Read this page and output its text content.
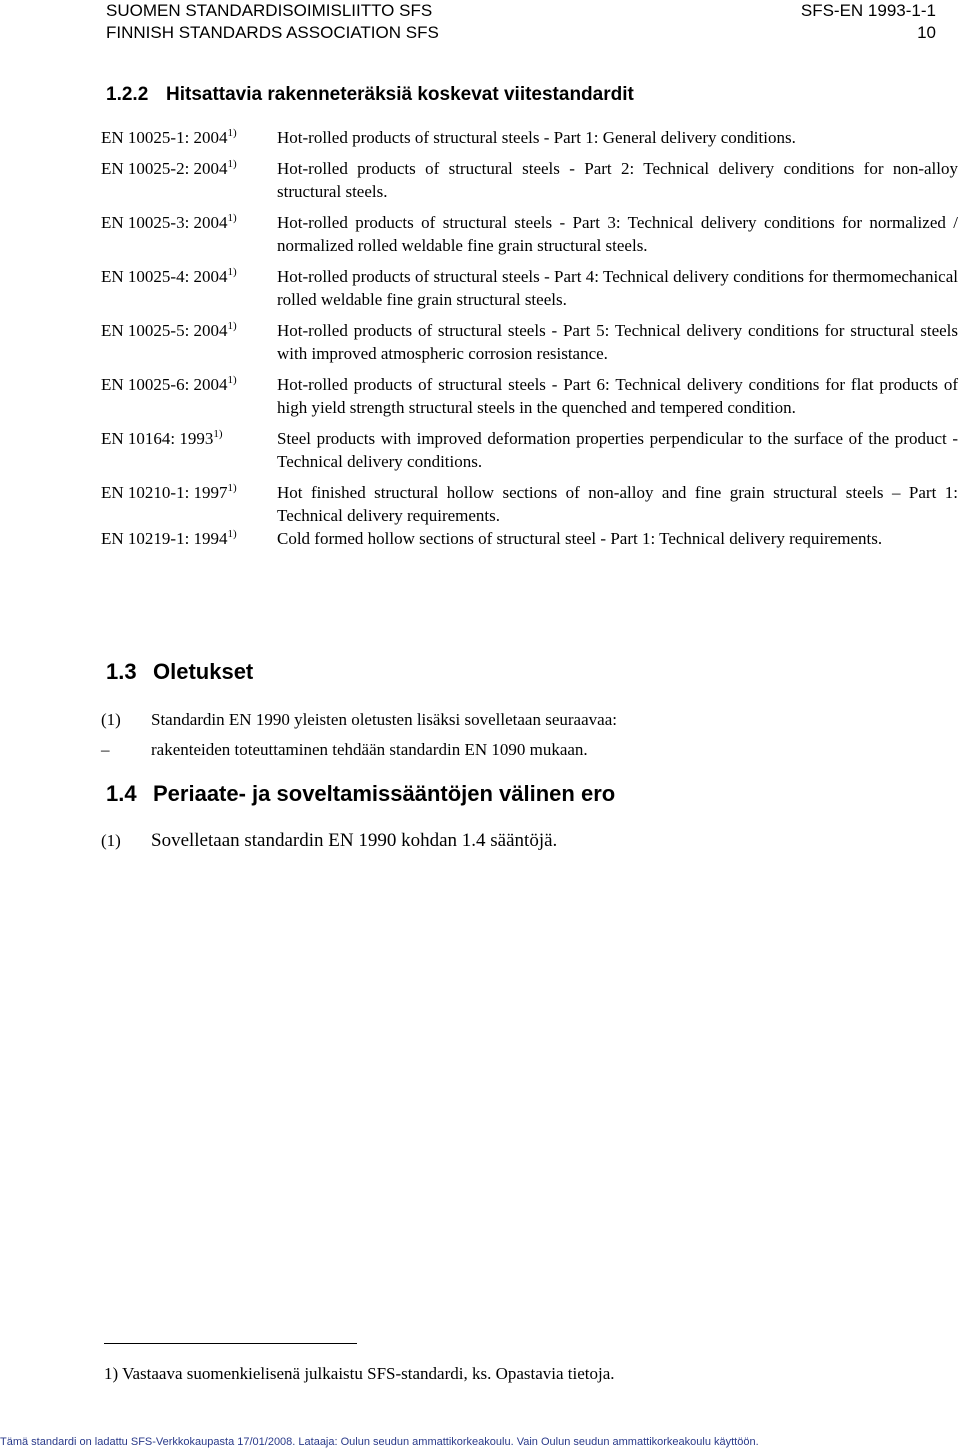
SUOMEN STANDARDISOIMISLIITTO SFS	SFS-EN 1993-1-1
FINNISH STANDARDS ASSOCIATION SFS	10
1.2.2 Hitsattavia rakenneteräksiä koskevat viitestandardit
EN 10025-1: 2004$^{1)}$	Hot-rolled products of structural steels - Part 1: General delivery conditions.
EN 10025-2: 2004$^{1)}$	Hot-rolled products of structural steels - Part 2: Technical delivery conditions for non-alloy structural steels.
EN 10025-3: 2004$^{1)}$	Hot-rolled products of structural steels - Part 3: Technical delivery conditions for normalized / normalized rolled weldable fine grain structural steels.
EN 10025-4: 2004$^{1)}$	Hot-rolled products of structural steels - Part 4: Technical delivery conditions for thermomechanical rolled weldable fine grain structural steels.
EN 10025-5: 2004$^{1)}$	Hot-rolled products of structural steels - Part 5: Technical delivery conditions for structural steels with improved atmospheric corrosion resistance.
EN 10025-6: 2004$^{1)}$	Hot-rolled products of structural steels - Part 6: Technical delivery conditions for flat products of high yield strength structural steels in the quenched and tempered condition.
EN 10164: 1993$^{1)}$	Steel products with improved deformation properties perpendicular to the surface of the product - Technical delivery conditions.
EN 10210-1: 1997$^{1)}$	Hot finished structural hollow sections of non-alloy and fine grain structural steels – Part 1: Technical delivery requirements.
EN 10219-1: 1994$^{1)}$	Cold formed hollow sections of structural steel - Part 1: Technical delivery requirements.
1.3 Oletukset
(1)	Standardin EN 1990 yleisten oletusten lisäksi sovelletaan seuraavaa:
–	rakenteiden toteuttaminen tehdään standardin EN 1090 mukaan.
1.4 Periaate- ja soveltamissääntöjen välinen ero
(1)	Sovelletaan standardin EN 1990 kohdan 1.4 sääntöjä.
1) Vastaava suomenkielisenä julkaistu SFS-standardi, ks. Opastavia tietoja.
Tämä standardi on ladattu SFS-Verkkokaupasta 17/01/2008. Lataaja: Oulun seudun ammattikorkeakoulu. Vain Oulun seudun ammattikorkeakoulu käyttöön.
